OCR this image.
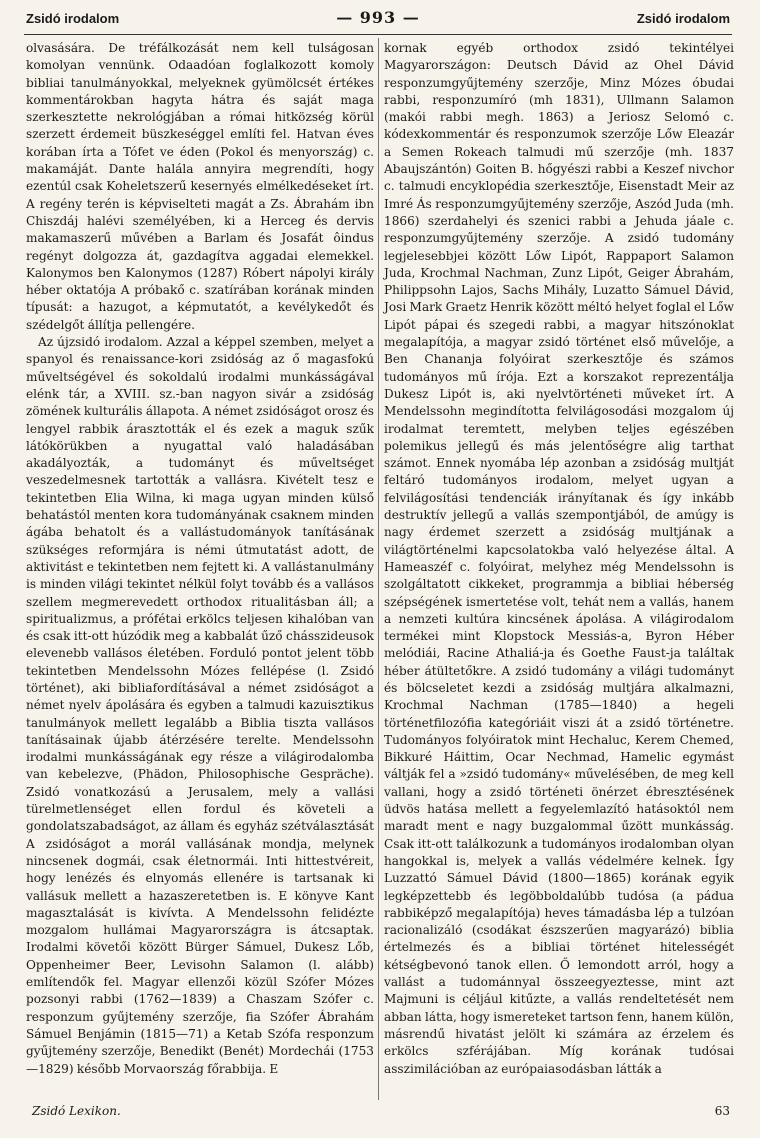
Zsidó irodalom	— 993 —	Zsidó irodalom

olvasására. De tréfálkozását nem kell tulságosan komolyan vennünk. Odaadóan foglalkozott komoly bibliai tanulmányokkal, melyeknek gyümölcsét értékes kommentárokban hagyta hátra és saját maga szerkesztette nekrológjában a római hitközség körül szerzett érdemeit büszkeséggel említi fel. Hatvan éves korában írta a Tófet ve éden (Pokol és menyország) c. makamáját. Dante halála annyira megrendíti, hogy ezentúl csak Koheletszerű kesernyés elmélkedéseket írt. A regény terén is képviselteti magát a Zs. Ábrahám ibn Chiszdáj halévi személyében, ki a Herceg és dervis makamaszerű művében a Barlam és Josafát ôindus regényt dolgozza át, gazdagítva aggadai elemekkel. Kalonymos ben Kalonymos (1287) Róbert nápolyi király héber oktatója A próbakő c. szatírában korának minden típusát: a hazugot, a képmutatót, a kevélykedőt és szédelgőt állítja pellengére.

Az újzsidó irodalom. Azzal a képpel szemben, melyet a spanyol és renaissance-kori zsidóság az ő magasfokú műveltségével és sokoldalú irodalmi munkásságával elénk tár, a XVIII. sz.-ban nagyon sivár a zsidóság zömének kulturális állapota. A német zsidóságot orosz és lengyel rabbik árasztották el és ezek a maguk szűk látókörükben a nyugattal való haladásában akadályozták, a tudományt és műveltséget veszedelmesnek tartották a vallásra. Kivételt tesz e tekintetben Elia Wilna, ki maga ugyan minden külső behatástól menten kora tudományának csaknem minden ágába behatolt és a vallástudományok tanításának szükséges reformjára is némi útmutatást adott, de aktivitást e tekintetben nem fejtett ki. A vallástanulmány is minden világi tekintet nélkül folyt tovább és a vallásos szellem megmerevedett orthodox ritualitásban áll; a spiritualizmus, a prófétai erkölcs teljesen kihalóban van és csak itt-ott húzódik meg a kabbalát űző chásszideusok elevenebb vallásos életében. Forduló pontot jelent több tekintetben Mendelssohn Mózes fellépése (l. Zsidó történet), aki bibliafordításával a német zsidóságot a német nyelv ápolására és egyben a talmudi kazuisztikus tanulmányok mellett legalább a Biblia tiszta vallásos tanításainak újabb átérzésére terelte. Mendelssohn irodalmi munkásságának egy része a világirodalomba van kebelezve, (Phädon, Philosophische Gespräche). Zsidó vonatkozású a Jerusalem, mely a vallási türelmetlenséget ellen fordul és követeli a gondolatszabadságot, az állam és egyház szétválasztását A zsidóságot a morál vallásának mondja, melynek nincsenek dogmái, csak életnormái. Inti hittestvéreit, hogy lenézés és elnyomás ellenére is tartsanak ki vallásuk mellett a hazaszeretetben is. E könyve Kant magasztalását is kivívta. A Mendelssohn felidézte mozgalom hullámai Magyarországra is átcsaptak. Irodalmi követői között Bürger Sámuel, Dukesz Lőb, Oppenheimer Beer, Levisohn Salamon (l. alább) említendők fel. Magyar ellenzői közül Szófer Mózes pozsonyi rabbi (1762—1839) a Chaszam Szófer c. responzum gyűjtemény szerzője, fia Szófer Ábrahám Sámuel Benjámin (1815—71) a Ketab Szófa responzum gyűjtemény szerzője, Benedikt (Benét) Mordechái (1753—1829) később Morvaország főrabbija. E

kornak egyéb orthodox zsidó tekintélyei Magyarországon: Deutsch Dávid az Ohel Dávid responzumgyűjtemény szerzője, Minz Mózes óbudai rabbi, responzumíró (mh 1831), Ullmann Salamon (makói rabbi megh. 1863) a Jeriosz Selomó c. kódexkommentár és responzumok szerzője Lőw Eleazár a Semen Rokeach talmudi mű szerzője (mh. 1837 Abaujszántón) Goiten B. hőgyészi rabbi a Keszef nivchor c. talmudi encyklopédia szerkesztője, Eisenstadt Meir az Imré Ás responzumgyűjtemény szerzője, Aszód Juda (mh. 1866) szerdahelyi és szenici rabbi a Jehuda jáale c. responzumgyűjtemény szerzője. A zsidó tudomány legjelesebbjei között Lőw Lipót, Rappaport Salamon Juda, Krochmal Nachman, Zunz Lipót, Geiger Ábrahám, Philippsohn Lajos, Sachs Mihály, Luzatto Sámuel Dávid, Josi Mark Graetz Henrik között méltó helyet foglal el Lőw Lipót pápai és szegedi rabbi, a magyar hitszónoklat megalapítója, a magyar zsidó történet első művelője, a Ben Chananja folyóirat szerkesztője és számos tudományos mű írója. Ezt a korszakot reprezentálja Dukesz Lipót is, aki nyelvtörténeti műveket írt. A Mendelssohn megindította felvilágosodási mozgalom új irodalmat teremtett, melyben teljes egészében polemikus jellegű és más jelentőségre alig tarthat számot. Ennek nyomába lép azonban a zsidóság multját feltáró tudományos irodalom, melyet ugyan a felvilágosítási tendenciák irányítanak és így inkább destruktív jellegű a vallás szempontjából, de amúgy is nagy érdemet szerzett a zsidóság multjának a világtörténelmi kapcsolatokba való helyezése által. A Hameaszéf c. folyóirat, melyhez még Mendelssohn is szolgáltatott cikkeket, programmja a bibliai héberség szépségének ismertetése volt, tehát nem a vallás, hanem a nemzeti kultúra kincsének ápolása. A világirodalom termékei mint Klopstock Messiás-a, Byron Héber melódiái, Racine Athaliá-ja és Goethe Faust-ja találtak héber átültetőkre. A zsidó tudomány a világi tudományt és bölcseletet kezdi a zsidóság multjára alkalmazni, Krochmal Nachman (1785—1840) a hegeli történetfilozófia kategóriáit viszi át a zsidó történetre. Tudományos folyóiratok mint Hechaluc, Kerem Chemed, Bikkuré Háittim, Ocar Nechmad, Hamelic egymást váltják fel a »zsidó tudomány« művelésében, de meg kell vallani, hogy a zsidó történeti önérzet ébresztésének üdvös hatása mellett a fegyelemlazító hatásoktól nem maradt ment e nagy buzgalommal űzött munkásság. Csak itt-ott találkozunk a tudományos irodalomban olyan hangokkal is, melyek a vallás védelmére kelnek. Így Luzzattó Sámuel Dávid (1800—1865) korának egyik legképzettebb és legöbboldalúbb tudósa (a pádua rabbiképző megalapítója) heves támadásba lép a tulzóan racionalizáló (csodákat észszerűen magyarázó) biblia értelmezés és a bibliai történet hitelességét kétségbevonó tanok ellen. Ő lemondott arról, hogy a vallást a tudománnyal összeegyeztesse, mint azt Majmuni is céljául kitűzte, a vallás rendeltetését nem abban látta, hogy ismereteket tartson fenn, hanem külön, másrendű hivatást jelölt ki számára az érzelem és erkölcs szférájában. Míg korának tudósai asszimilációban az európaiasodásban látták a

Zsidó Lexikon.	63
